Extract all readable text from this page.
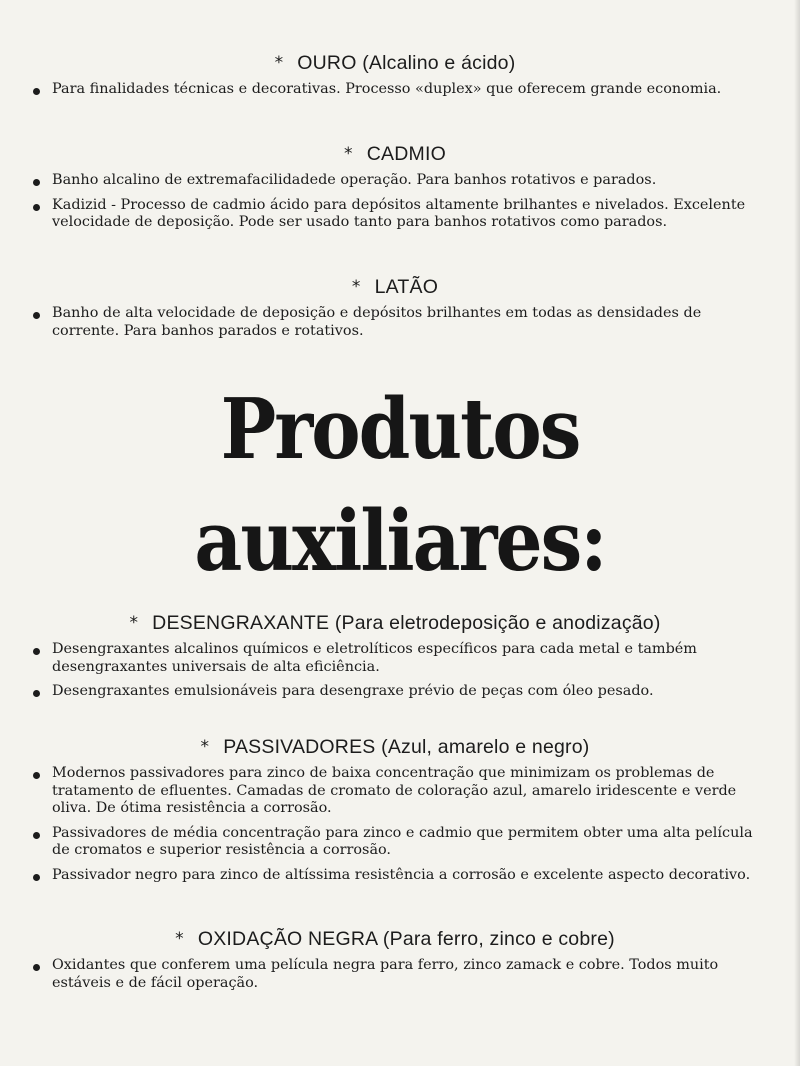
* OURO (Alcalino e ácido)
Para finalidades técnicas e decorativas. Processo «duplex» que oferecem grande economia.
* CADMIO
Banho alcalino de extremafacilidadede operação. Para banhos rotativos e parados.
Kadizid - Processo de cadmio ácido para depósitos altamente brilhantes e nivelados. Excelente velocidade de deposição. Pode ser usado tanto para banhos rotativos como parados.
* LATÃO
Banho de alta velocidade de deposição e depósitos brilhantes em todas as densidades de corrente. Para banhos parados e rotativos.
Produtos
auxiliares:
* DESENGRAXANTE (Para eletrodeposição e anodização)
Desengraxantes alcalinos químicos e eletrolíticos específicos para cada metal e também desengraxantes universais de alta eficiência.
Desengraxantes emulsionáveis para desengraxe prévio de peças com óleo pesado.
* PASSIVADORES (Azul, amarelo e negro)
Modernos passivadores para zinco de baixa concentração que minimizam os problemas de tratamento de efluentes. Camadas de cromato de coloração azul, amarelo iridescente e verde oliva. De ótima resistência a corrosão.
Passivadores de média concentração para zinco e cadmio que permitem obter uma alta película de cromatos e superior resistência a corrosão.
Passivador negro para zinco de altíssima resistência a corrosão e excelente aspecto decorativo.
* OXIDAÇÃO NEGRA (Para ferro, zinco e cobre)
Oxidantes que conferem uma película negra para ferro, zinco zamack e cobre. Todos muito estáveis e de fácil operação.
